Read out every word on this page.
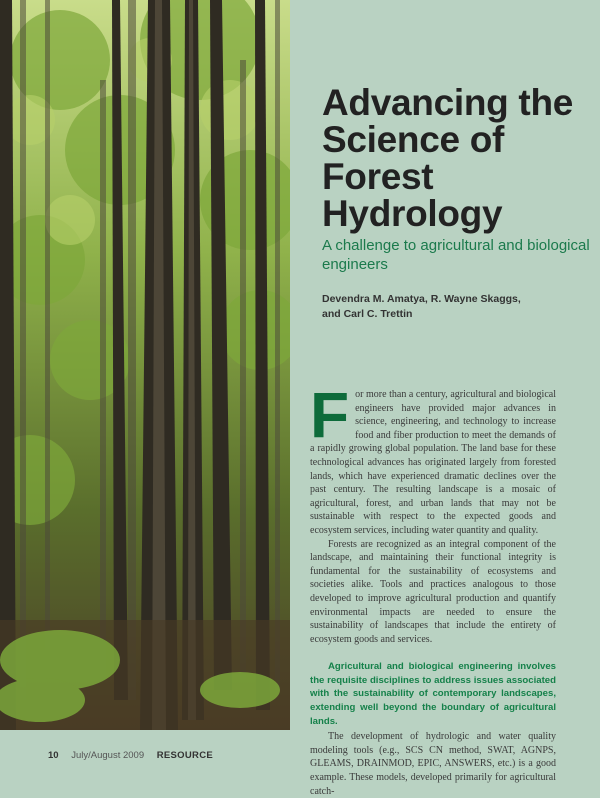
Advancing the Science of Forest Hydrology
A challenge to agricultural and biological engineers
Devendra M. Amatya, R. Wayne Skaggs,
and Carl C. Trettin

For more than a century, agricultural and biological engineers have provided major advances in science, engineering, and technology to increase food and fiber production to meet the demands of a rapidly growing global population. The land base for these technological advances has originated largely from forested lands, which have experienced dramatic declines over the past century. The resulting landscape is a mosaic of agricultural, forest, and urban lands that may not be sustainable with respect to the expected goods and ecosystem services, including water quantity and quality.

Forests are recognized as an integral component of the landscape, and maintaining their functional integrity is fundamental for the sustainability of ecosystems and societies alike. Tools and practices analogous to those developed to improve agricultural production and quantify environmental impacts are needed to ensure the sustainability of landscapes that include the entirety of ecosystem goods and services.

Agricultural and biological engineering involves the requisite disciplines to address issues associated with the sustainability of contemporary landscapes, extending well beyond the boundary of agricultural lands.

The development of hydrologic and water quality modeling tools (e.g., SCS CN method, SWAT, AGNPS, GLEAMS, DRAINMOD, EPIC, ANSWERS, etc.) is a good example. These models, developed primarily for agricultural catch-

10 July/August 2009 RESOURCE
